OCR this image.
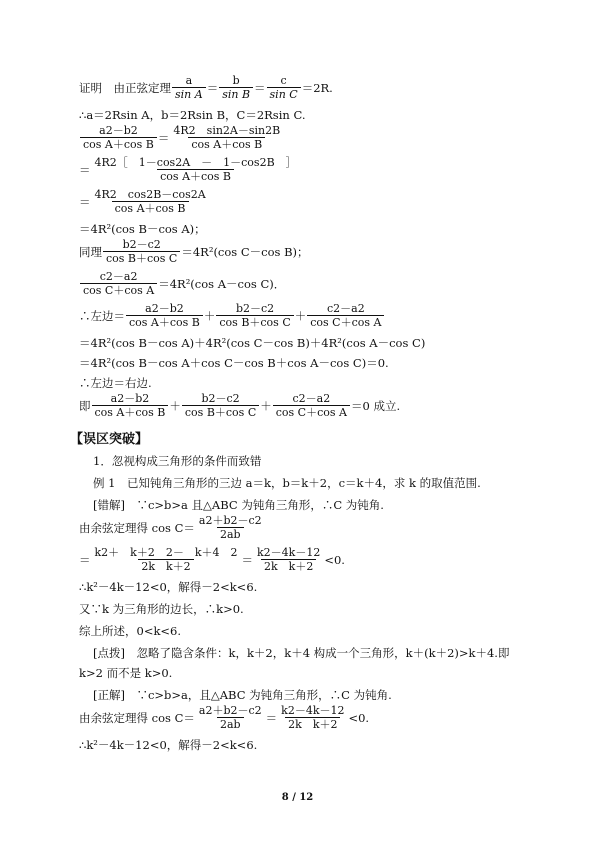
证明　由正弦定理 $\frac{a}{\text{sin A}} = \frac{b}{\text{sin B}} = \frac{c}{\text{sin C}} =2R$.
∴a＝2Rsin A，b＝2Rsin B，C＝2Rsin C.
$\frac{a2-b2}{\text{cos A＋cos B}} = \frac{4R2 \sin 2A-\sin 2B}{\text{cos A＋cos B}}$
＝ $\frac{4R2[ 1-\cos 2A - 1-\cos 2B ]}{\text{cos A＋cos B}}$
＝ $\frac{4R2 \cos 2B-\cos 2A}{\text{cos A＋cos B}}$
＝4R²(cos B－cos A)；
同理 $\frac{b2-c2}{\text{cos B＋cos C}} =4R^2(\cos$ C－cos B)；
$\frac{c2-a2}{\text{cos C＋cos A}} =4R^2(\cos$ A－cos C)．
∴左边＝ $\frac{a2-b2}{\text{cos A＋cos B}} + \frac{b2-c2}{\text{cos B＋cos C}} + \frac{c2-a2}{\text{cos C＋cos A}}$
＝4R²(cos B－cos A)＋4R²(cos C－cos B)＋4R²(cos A－cos C)
＝4R²(cos B－cos A＋cos C－cos B＋cos A－cos C)＝0.
∴左边＝右边.
即 $\frac{a2-b2}{\text{cos A＋cos B}} + \frac{b2-c2}{\text{cos B＋cos C}} + \frac{c2-a2}{\text{cos C＋cos A}} =0$ 成立.
【误区突破】
1．忽视构成三角形的条件而致错
例 1　已知钝角三角形的三边 a＝k，b＝k＋2，c＝k＋4，求 k 的取值范围.
[错解]　∵c>b>a 且△ABC 为钝角三角形，∴C 为钝角.
由余弦定理得 $\cos C= \frac{a2+b2-c2}{2ab}$
＝ $\frac{k2+ k+2 2- k+4 2}{\text{2k　k＋2}} = \frac{k2-4k-12}{\text{2k　k＋2}} <0$.
∴k²－4k－12<0，解得－2<k<6.
又∵k 为三角形的边长，∴k>0.
综上所述，0<k<6.
[点拨]　忽略了隐含条件：k，k＋2，k＋4 构成一个三角形，k＋(k＋2)>k＋4.即
k>2 而不是 k>0.
[正解]　∵c>b>a，且△ABC 为钝角三角形，∴C 为钝角.
由余弦定理得 $\cos C= \frac{a2+b2-c2}{2ab} = \frac{k2-4k-12}{\text{2k　k＋2}} <0$.
∴k²－4k－12<0，解得－2<k<6.
8 / 12
